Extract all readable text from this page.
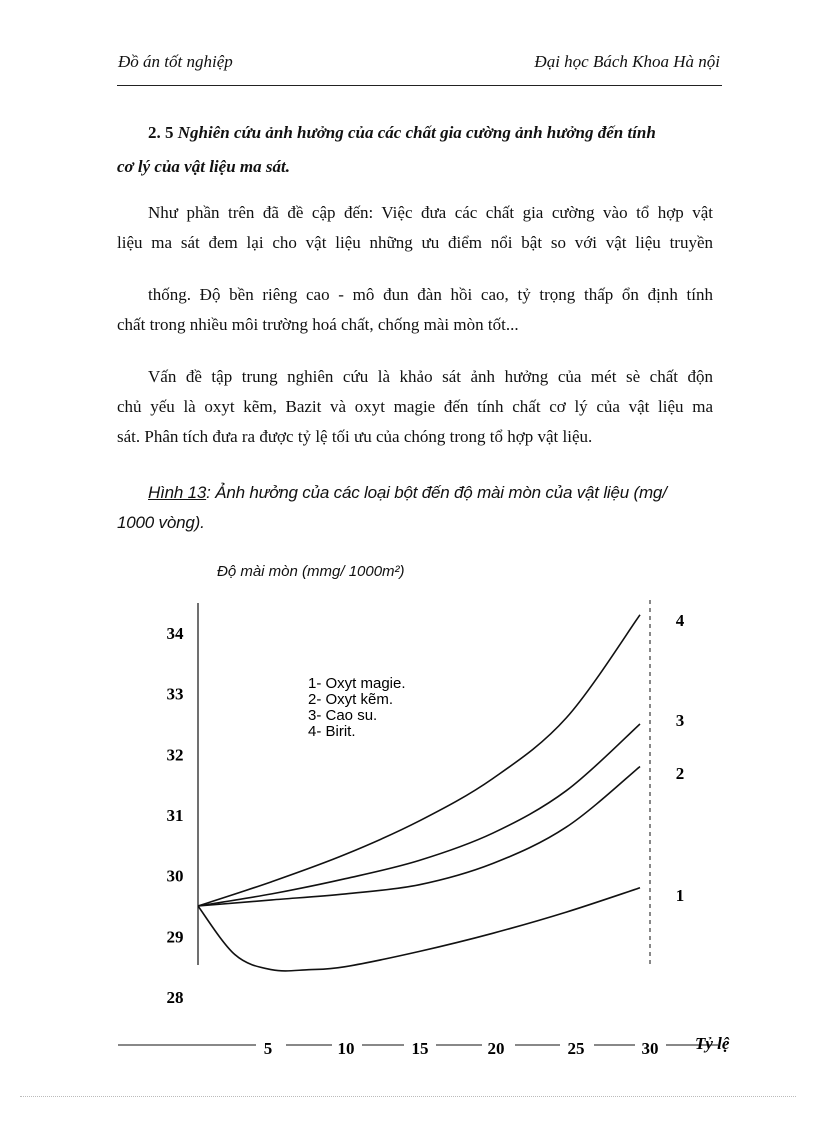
Đồ án tốt nghiệp	Đại học Bách Khoa Hà nội
2. 5 Nghiên cứu ảnh hưởng của các chất gia cường ảnh hưởng đến tính
cơ lý của vật liệu ma sát.
Như phần trên đã đề cập đến: Việc đưa các chất gia cường vào tổ hợp vật
liệu ma sát đem lại cho vật liệu những ưu điểm nổi bật so với vật liệu truyền
thống. Độ bền riêng cao - mô đun đàn hồi cao, tỷ trọng thấp ổn định tính
chất trong nhiều môi trường hoá chất, chống mài mòn tốt...
Vấn đề tập trung nghiên cứu là khảo sát ảnh hưởng của mét sè chất độn
chủ yếu là oxyt kẽm, Bazit và oxyt magie đến tính chất cơ lý của vật liệu ma
sát. Phân tích đưa ra được tỷ lệ tối ưu của chóng trong tổ hợp vật liệu.
Hình 13: Ảnh hưởng của các loại bột đến độ mài mòn của vật liệu (mg/
1000 vòng).
Độ mài mòn (mmg/ 1000m²)
34
33
32
31
30
29
28
5	10	15	20	25	30 Tỷ lệ
1
2
3
4
1- Oxyt magie.
2- Oxyt kẽm.
3- Cao su.
4- Birit.
